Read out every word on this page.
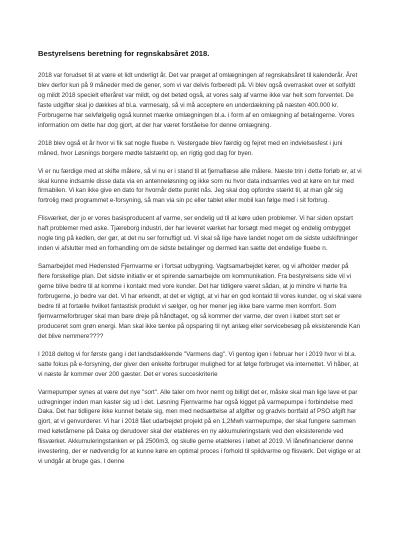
Bestyrelsens beretning for regnskabsåret 2018.

2018 var forudset til at være et lidt underligt år. Det var præget af omlægningen af regnskabsåret til kalenderår. Året blev derfor kun på 9 måneder med de gener, som vi var delvis forberedt på. Vi blev også overrasket over et solfyldt og mildt 2018 specielt efteråret var mildt, og det betød også, at vores salg af varme ikke var helt som forventet. De faste udgifter skal jo dækkes af bl.a. varmesalg, så vi må acceptere en underdækning på næsten 400.000 kr. Forbrugerne har selvfølgelig også kunnet mærke omlægningen bl.a. i form af en omlægning af betalingerne. Vores information om dette har dog gjort, at der har været forståelse for denne omlægning.

2018 blev også et år hvor vi fik sat nogle fluebe n. Vestergade blev færdig og fejret med en indvielsesfest i juni måned, hvor Løsnings borgere mødte talstærkt op, en rigtig god dag for byen.

Vi er nu færdige med at skifte målere, så vi nu er i stand til at fjernaflæse alle målere. Næste trin i dette forløb er, at vi skal kunne indsamle disse data via en antenneløsning og ikke som nu hvor data indsamles ved at køre en tur med firmabilen. Vi kan ikke give en dato for hvornår dette punkt nås. Jeg skal dog opfordre stærkt til, at man går sig fortrolig med programmet e-forsyning, så man via sin pc eller tablet eller mobil kan følge med i sit forbrug.

Flisværket, der jo er vores basisproducent af varme, ser endelig ud til at køre uden problemer. Vi har siden opstart haft problemer med aske. Tjæreborg industri, der har leveret værket har forsøgt med meget og endelig ombygget nogle ting på kedlen, der gør, at det nu ser fornuftigt ud. Vi skal så lige have landet noget om de sidste udskiftninger inden vi afslutter med en forhandling om de sidste betalinger og dermed kan sætte det endelige fluebe n.

Samarbejdet med Hedensted Fjernvarme er i fortsat udbygning. Vagtsamarbejdet kører, og vi afholder møder på flere forskellige plan. Det sidste initiativ er et spirende samarbejde om kommunikation. Fra bestyrelsens side vil vi gerne blive bedre til at komme i kontakt med vore kunder. Det har tidligere været sådan, at jo mindre vi hørte fra forbrugerne, jo bedre var det. Vi har erkendt, at det er vigtigt, at vi har en god kontakt til vores kunder, og vi skal være bedre til at fortælle hvilket fantastisk produkt vi sælger, og her mener jeg ikke bare varme men komfort. Som fjernvarmeforbruger skal man bare dreje på håndtaget, og så kommer der varme, der oven i købet stort set er produceret som grøn energi. Man skal ikke tænke på opsparing til nyt anlæg eller servicebesøg på eksisterende Kan det blive nemmere????

I 2018 deltog vi for første gang i det landsdækkende "Varmens dag". Vi gentog igen i februar her i 2019 hvor vi bl.a. satte fokus på e-forsyning, der giver den enkelte forbruger mulighed for at følge forbruget via internettet. Vi håber, at vi næste år kommer over 200 gæster. Det er vores succeskriterie

Varmepumper synes at være det nye "sort". Alle taler om hvor nemt og billigt det er, måske skal man lige lave et par udregninger inden man kaster sig ud i det. Løsning Fjernvarme har også kigget på varmepumpe i forbindelse med Daka. Det har tidligere ikke kunnet betale sig, men med nedsættelse af afgifter og gradvis bortfald af PSO afgift har gjort, at vi genvurderer. Vi har i 2018 fået udarbejdet projekt på en 1,2Mwh varmepumpe, der skal fungere sammen med køletårnene på Daka og derudover skal der etableres en ny akkumuleringstank ved den eksisterende ved flisværket. Akkumuleringstanken er på 2500m3, og skulle gerne etableres i løbet af 2019. Vi lånefinancierer denne investering, der er nødvendig for at kunne køre en optimal proces i forhold til spildvarme og flisværk. Det vigtige er at vi undgår at bruge gas. I denne
